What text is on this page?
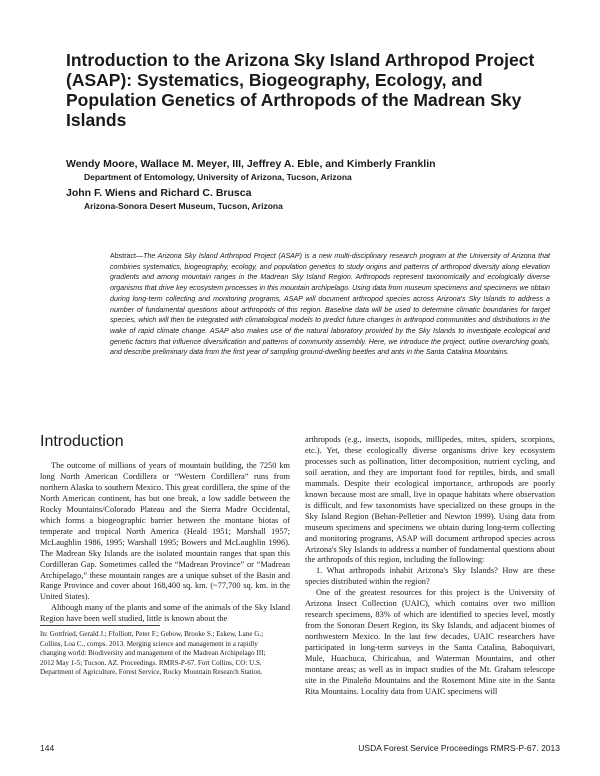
Introduction to the Arizona Sky Island Arthropod Project (ASAP): Systematics, Biogeography, Ecology, and Population Genetics of Arthropods of the Madrean Sky Islands
Wendy Moore, Wallace M. Meyer, III, Jeffrey A. Eble, and Kimberly Franklin
Department of Entomology, University of Arizona, Tucson, Arizona
John F. Wiens and Richard C. Brusca
Arizona-Sonora Desert Museum, Tucson, Arizona

Abstract—The Arizona Sky Island Arthropod Project (ASAP) is a new multi-disciplinary research program at the University of Arizona that combines systematics, biogeography, ecology, and population genetics to study origins and patterns of arthropod diversity along elevation gradients and among mountain ranges in the Madrean Sky Island Region. Arthropods represent taxonomically and ecologically diverse organisms that drive key ecosystem processes in this mountain archipelago. Using data from museum specimens and specimens we obtain during long-term collecting and monitoring programs, ASAP will document arthropod species across Arizona's Sky Islands to address a number of fundamental questions about arthropods of this region. Baseline data will be used to determine climatic boundaries for target species, which will then be integrated with climatological models to predict future changes in arthropod communities and distributions in the wake of rapid climate change. ASAP also makes use of the natural laboratory provided by the Sky Islands to investigate ecological and genetic factors that influence diversification and patterns of community assembly. Here, we introduce the project, outline overarching goals, and describe preliminary data from the first year of sampling ground-dwelling beetles and ants in the Santa Catalina Mountains.

Introduction

The outcome of millions of years of mountain building, the 7250 km long North American Cordillera or “Western Cordillera” runs from northern Alaska to southern Mexico. This great cordillera, the spine of the North American continent, has but one break, a low saddle between the Rocky Mountains/Colorado Plateau and the Sierra Madre Occidental, which forms a biogeographic barrier between the montane biotas of temperate and tropical North America (Heald 1951; Marshall 1957; McLaughlin 1986, 1995; Warshall 1995; Bowers and McLaughlin 1996). The Madrean Sky Islands are the isolated mountain ranges that span this Cordilleran Gap. Sometimes called the “Madrean Province” or “Madrean Archipelago,” these mountain ranges are a unique subset of the Basin and Range Province and cover about 168,400 sq. km. (~77,700 sq. km. in the United States).

Although many of the plants and some of the animals of the Sky Island Region have been well studied, little is known about the

arthropods (e.g., insects, isopods, millipedes, mites, spiders, scorpions, etc.). Yet, these ecologically diverse organisms drive key ecosystem processes such as pollination, litter decomposition, nutrient cycling, and soil aeration, and they are important food for reptiles, birds, and small mammals. Despite their ecological importance, arthropods are poorly known because most are small, live in opaque habitats where observation is difficult, and few taxonomists have specialized on these groups in the Sky Island Region (Behan-Pelletier and Newton 1999). Using data from museum specimens and specimens we obtain during long-term collecting and monitoring programs, ASAP will document arthropod species across Arizona's Sky Islands to address a number of fundamental questions about the arthropods of this region, including the following:

1. What arthropods inhabit Arizona's Sky Islands? How are these species distributed within the region?

One of the greatest resources for this project is the University of Arizona Insect Collection (UAIC), which contains over two million research specimens, 83% of which are identified to species level, mostly from the Sonoran Desert Region, its Sky Islands, and adjacent biomes of northwestern Mexico. In the last few decades, UAIC researchers have participated in long-term surveys in the Santa Catalina, Baboquivari, Mule, Huachuca, Chiricahua, and Waterman Mountains, and other montane areas; as well as in impact studies of the Mt. Graham telescope site in the Pinaleño Mountains and the Rosemont Mine site in the Santa Rita Mountains. Locality data from UAIC specimens will

In: Gottfried, Gerald J.; Ffolliott, Peter F.; Gebow, Brooke S.; Eskew, Lane G.; Collins, Loa C., comps. 2013. Merging science and management in a rapidly changing world: Biodiversity and management of the Madrean Archipelago III; 2012 May 1-5; Tucson, AZ. Proceedings. RMRS-P-67. Fort Collins, CO: U.S. Department of Agriculture, Forest Service, Rocky Mountain Research Station.

144	USDA Forest Service Proceedings RMRS-P-67. 2013
